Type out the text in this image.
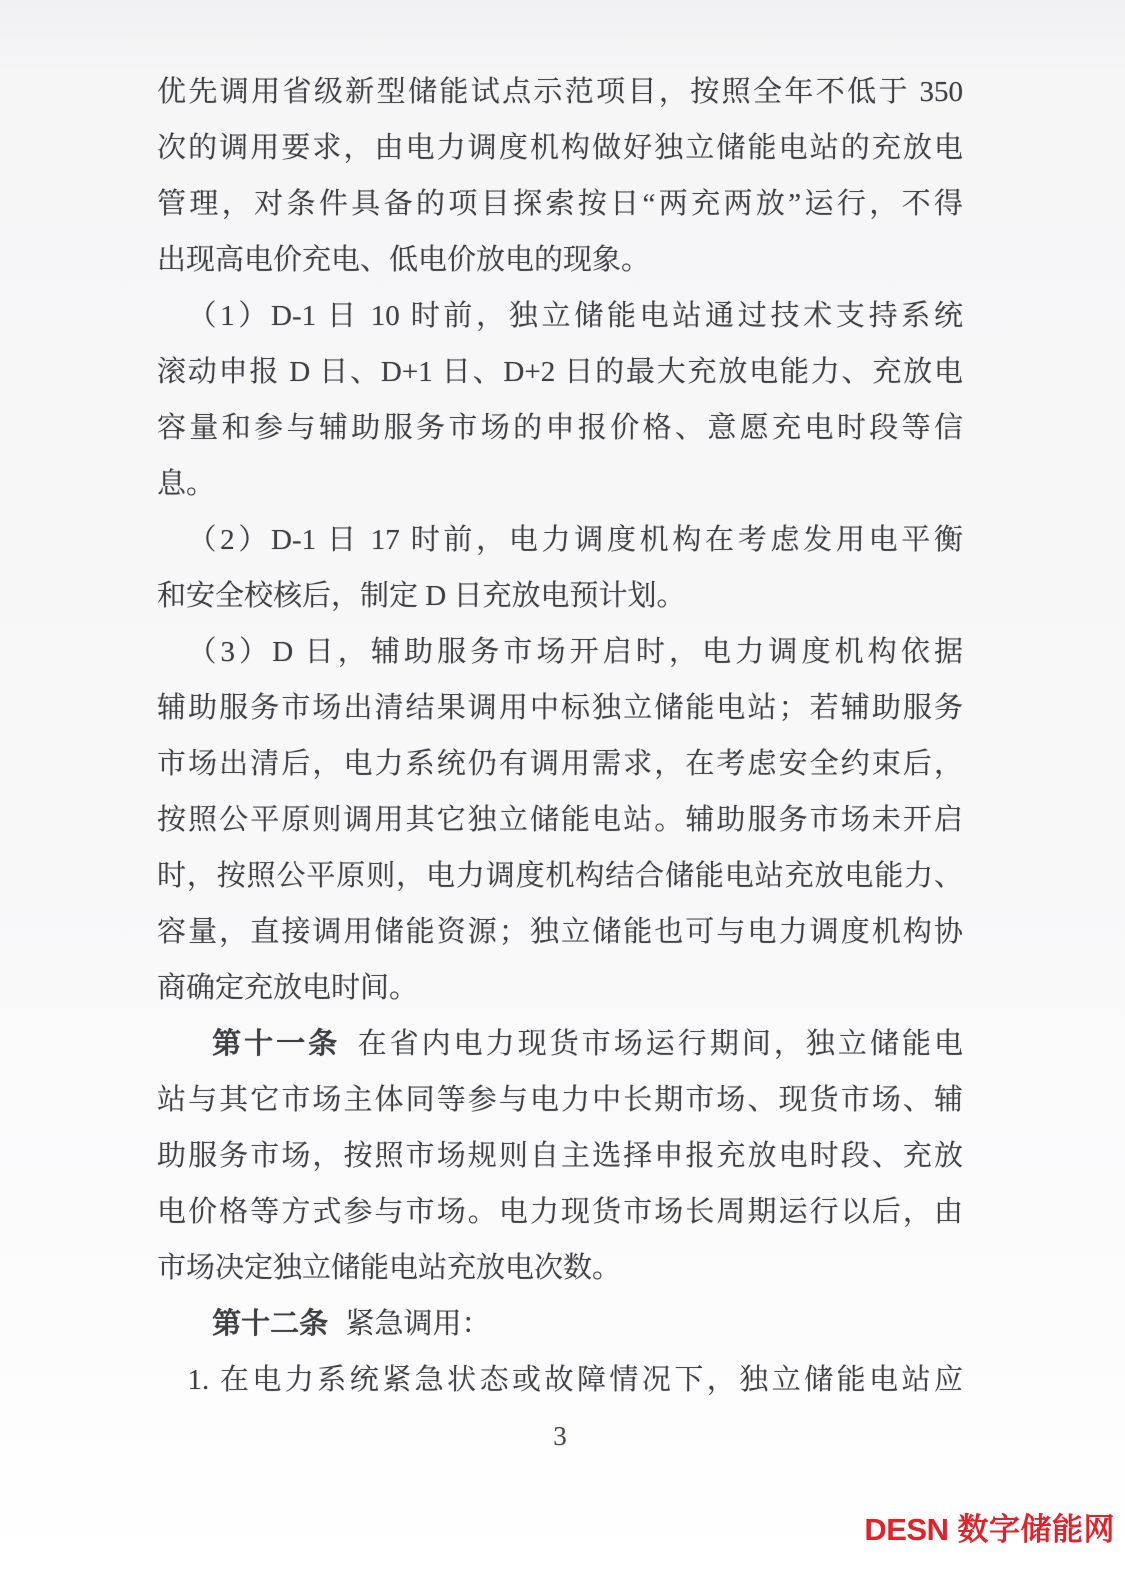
优先调用省级新型储能试点示范项目，按照全年不低于 350
次的调用要求，由电力调度机构做好独立储能电站的充放电
管理，对条件具备的项目探索按日“两充两放”运行，不得
出现高电价充电、低电价放电的现象。
（1）D-1 日 10 时前，独立储能电站通过技术支持系统
滚动申报 D 日、D+1 日、D+2 日的最大充放电能力、充放电
容量和参与辅助服务市场的申报价格、意愿充电时段等信
息。
（2）D-1 日 17 时前，电力调度机构在考虑发用电平衡
和安全校核后，制定 D 日充放电预计划。
（3）D 日，辅助服务市场开启时，电力调度机构依据
辅助服务市场出清结果调用中标独立储能电站；若辅助服务
市场出清后，电力系统仍有调用需求，在考虑安全约束后，
按照公平原则调用其它独立储能电站。辅助服务市场未开启
时，按照公平原则，电力调度机构结合储能电站充放电能力、
容量，直接调用储能资源；独立储能也可与电力调度机构协
商确定充放电时间。
第十一条 在省内电力现货市场运行期间，独立储能电
站与其它市场主体同等参与电力中长期市场、现货市场、辅
助服务市场，按照市场规则自主选择申报充放电时段、充放
电价格等方式参与市场。电力现货市场长周期运行以后，由
市场决定独立储能电站充放电次数。
第十二条 紧急调用：
1. 在电力系统紧急状态或故障情况下，独立储能电站应
3
DESN 数字储能网
